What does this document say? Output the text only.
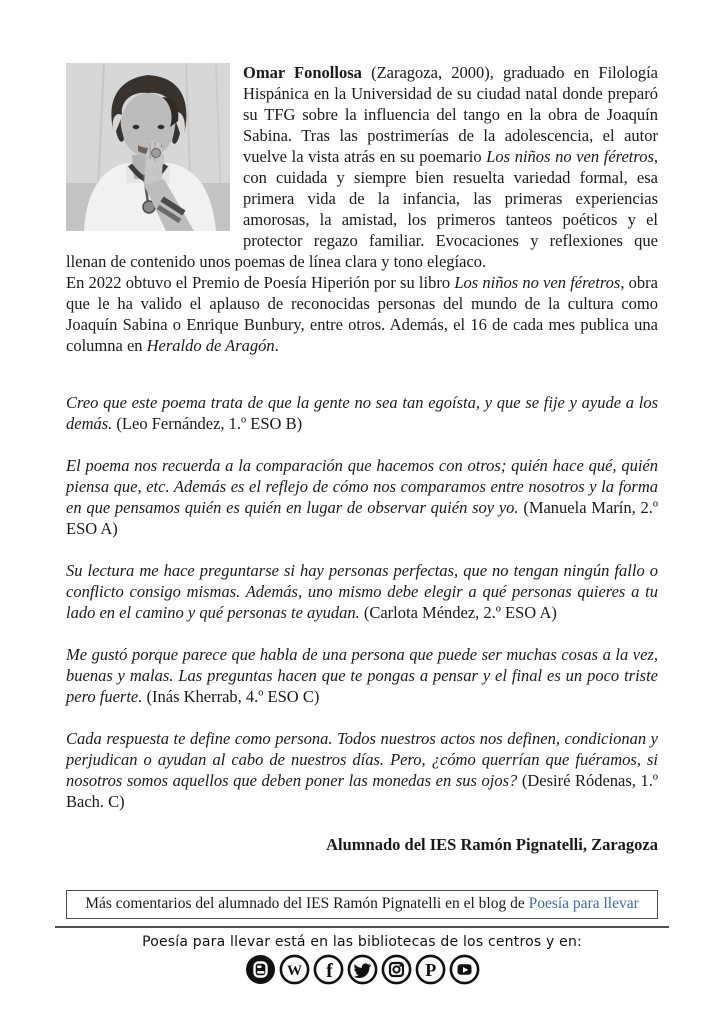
Omar Fonollosa (Zaragoza, 2000), graduado en Filología Hispánica en la Universidad de su ciudad natal donde preparó su TFG sobre la influencia del tango en la obra de Joaquín Sabina. Tras las postrimerías de la adolescencia, el autor vuelve la vista atrás en su poemario Los niños no ven féretros, con cuidada y siempre bien resuelta variedad formal, esa primera vida de la infancia, las primeras experiencias amorosas, la amistad, los primeros tanteos poéticos y el protector regazo familiar. Evocaciones y reflexiones que llenan de contenido unos poemas de línea clara y tono elegíaco.

En 2022 obtuvo el Premio de Poesía Hiperión por su libro Los niños no ven féretros, obra que le ha valido el aplauso de reconocidas personas del mundo de la cultura como Joaquín Sabina o Enrique Bunbury, entre otros. Además, el 16 de cada mes publica una columna en Heraldo de Aragón.

Creo que este poema trata de que la gente no sea tan egoísta, y que se fije y ayude a los demás. (Leo Fernández, 1.º ESO B)

El poema nos recuerda a la comparación que hacemos con otros; quién hace qué, quién piensa que, etc. Además es el reflejo de cómo nos comparamos entre nosotros y la forma en que pensamos quién es quién en lugar de observar quién soy yo. (Manuela Marín, 2.º ESO A)

Su lectura me hace preguntarse si hay personas perfectas, que no tengan ningún fallo o conflicto consigo mismas. Además, uno mismo debe elegir a qué personas quieres a tu lado en el camino y qué personas te ayudan. (Carlota Méndez, 2.º ESO A)

Me gustó porque parece que habla de una persona que puede ser muchas cosas a la vez, buenas y malas. Las preguntas hacen que te pongas a pensar y el final es un poco triste pero fuerte. (Inás Kherrab, 4.º ESO C)

Cada respuesta te define como persona. Todos nuestros actos nos definen, condicionan y perjudican o ayudan al cabo de nuestros días. Pero, ¿cómo querrían que fuéramos, si nosotros somos aquellos que deben poner las monedas en sus ojos? (Desiré Ródenas, 1.º Bach. C)

Alumnado del IES Ramón Pignatelli, Zaragoza

Más comentarios del alumnado del IES Ramón Pignatelli en el blog de Poesía para llevar
Poesía para llevar está en las bibliotecas de los centros y en:
W f	P
